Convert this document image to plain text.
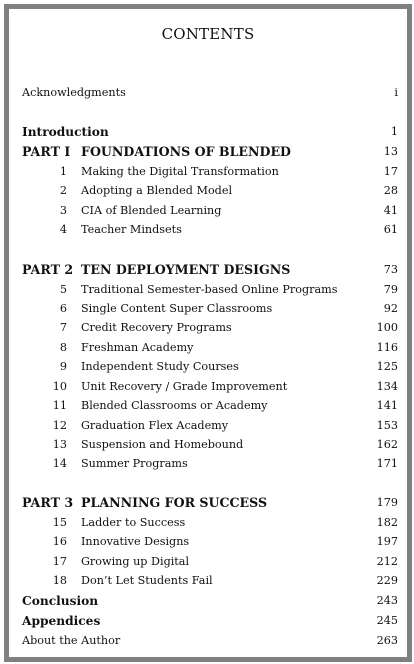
CONTENTS
Acknowledgments	i
Introduction	1
PART I FOUNDATIONS OF BLENDED	13
1 Making the Digital Transformation	17
2 Adopting a Blended Model	28
3 CIA of Blended Learning	41
4 Teacher Mindsets	61
PART 2 TEN DEPLOYMENT DESIGNS	73
5 Traditional Semester-based Online Programs	79
6 Single Content Super Classrooms	92
7 Credit Recovery Programs	100
8 Freshman Academy	116
9 Independent Study Courses	125
10 Unit Recovery / Grade Improvement	134
11 Blended Classrooms or Academy	141
12 Graduation Flex Academy	153
13 Suspension and Homebound	162
14 Summer Programs	171
PART 3 PLANNING FOR SUCCESS	179
15 Ladder to Success	182
16 Innovative Designs	197
17 Growing up Digital	212
18 Don’t Let Students Fail	229
Conclusion	243
Appendices	245
About the Author	263
